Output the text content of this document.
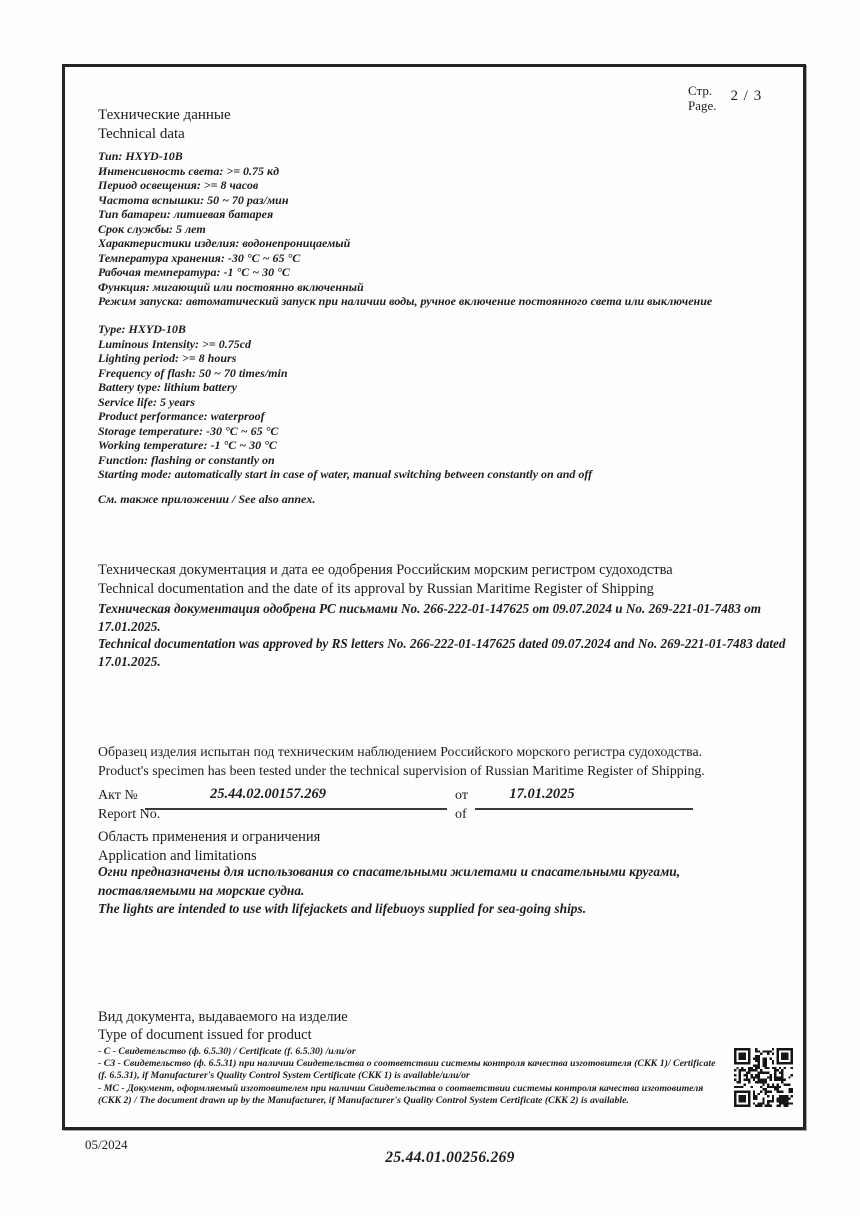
Стр.
Page.
2 / 3
Технические данные
Technical data
Тип: HXYD-10B
Интенсивность света: >= 0.75 кд
Период освещения: >= 8 часов
Частота вспышки: 50 ~ 70 раз/мин
Тип батареи: литиевая батарея
Срок службы: 5 лет
Характеристики изделия: водонепроницаемый
Температура хранения: -30 °C ~ 65 °C
Рабочая температура: -1 °C ~ 30 °C
Функция: мигающий или постоянно включенный
Режим запуска: автоматический запуск при наличии воды, ручное включение постоянного света или выключение
Type: HXYD-10B
Luminous Intensity: >= 0.75cd
Lighting period: >= 8 hours
Frequency of flash: 50 ~ 70 times/min
Battery type: lithium battery
Service life: 5 years
Product performance: waterproof
Storage temperature: -30 °C ~ 65 °C
Working temperature: -1 °C ~ 30 °C
Function: flashing or constantly on
Starting mode: automatically start in case of water, manual switching between constantly on and off
См. также приложении / See also annex.
Техническая документация и дата ее одобрения Российским морским регистром судоходства
Technical documentation and the date of its approval by Russian Maritime Register of Shipping
Техническая документация одобрена РС письмами No. 266-222-01-147625 от 09.07.2024 и No. 269-221-01-7483 от 17.01.2025.
Technical documentation was approved by RS letters No. 266-222-01-147625 dated 09.07.2024 and No. 269-221-01-7483 dated 17.01.2025.
Образец изделия испытан под техническим наблюдением Российского морского регистра судоходства.
Product's specimen has been tested under the technical supervision of Russian Maritime Register of Shipping.
Акт №
Report No.
25.44.02.00157.269	от
of
17.01.2025
Область применения и ограничения
Application and limitations
Огни предназначены для использования со спасательными жилетами и спасательными кругами, поставляемыми на морские судна.
The lights are intended to use with lifejackets and lifebuoys supplied for sea-going ships.
Вид документа, выдаваемого на изделие
Type of document issued for product
- C - Свидетельство (ф. 6.5.30) / Certificate (f. 6.5.30) /или/or
- СЗ - Свидетельство (ф. 6.5.31) при наличии Свидетельства о соответствии системы контроля качества изготовителя (СКК 1)/ Certificate (f. 6.5.31), if Manufacturer's Quality Control System Certificate (СКК 1) is available/или/or
- МС - Документ, оформляемый изготовителем при наличии Свидетельства о соответствии системы контроля качества изготовителя (СКК 2) / The document drawn up by the Manufacturer, if Manufacturer's Quality Control System Certificate (СКК 2) is available.
05/2024
25.44.01.00256.269
